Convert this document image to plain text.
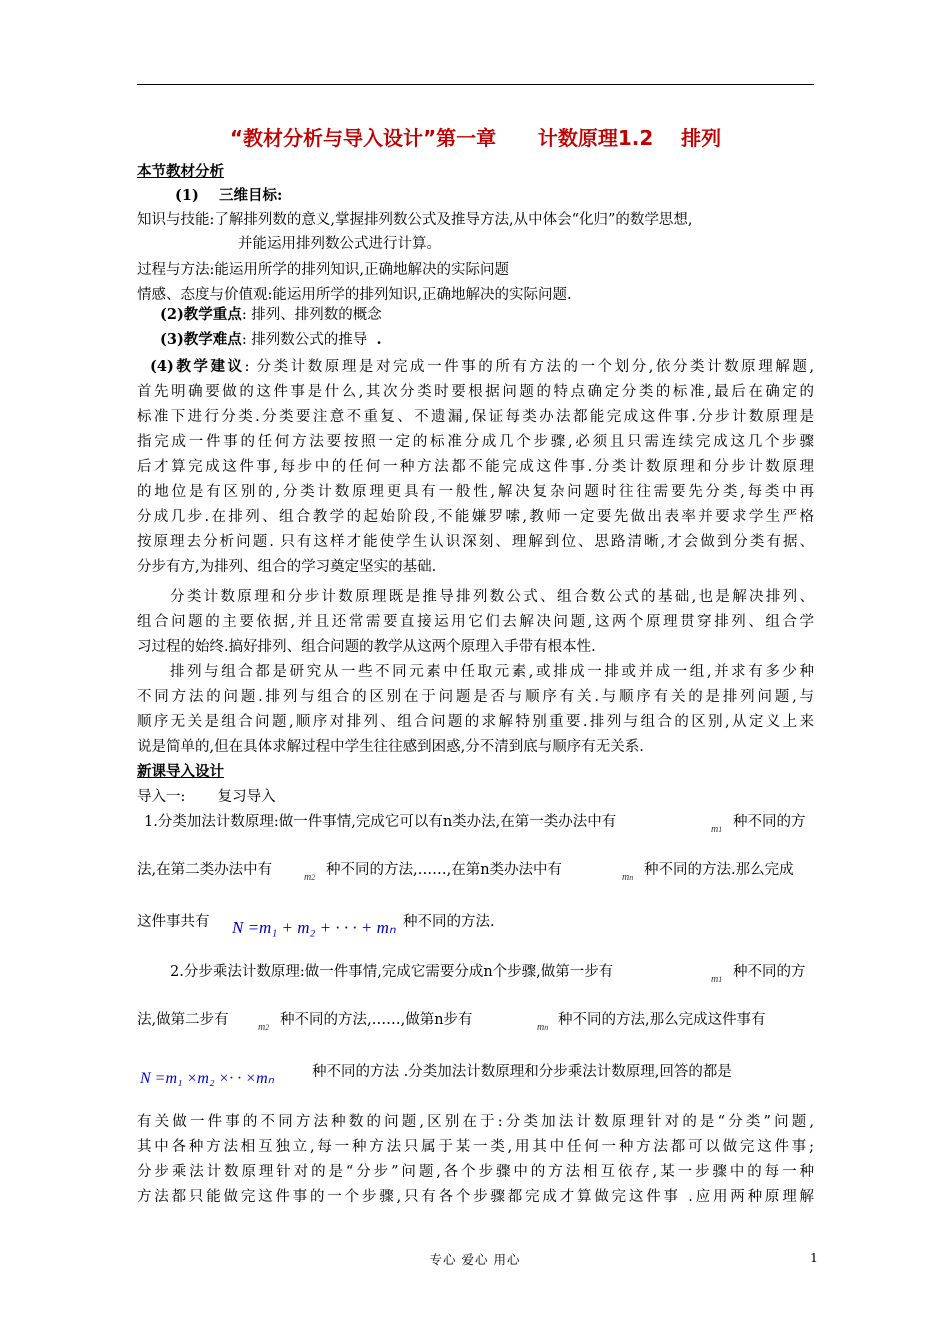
“教材分析与导入设计”第一章      计数原理1.2    排列
本节教材分析
(1) 三维目标:
知识与技能:了解排列数的意义,掌握排列数公式及推导方法,从中体会“化归”的数学思想,
并能运用排列数公式进行计算。
过程与方法:能运用所学的排列知识,正确地解决的实际问题
情感、态度与价值观:能运用所学的排列知识,正确地解决的实际问题.
(2)教学重点: 排列、排列数的概念
(3)教学难点: 排列数公式的推导 .
(4)教学建议: 分类计数原理是对完成一件事的所有方法的一个划分,依分类计数原理解题,
首先明确要做的这件事是什么,其次分类时要根据问题的特点确定分类的标准,最后在确定的
标准下进行分类.分类要注意不重复、不遗漏,保证每类办法都能完成这件事.分步计数原理是
指完成一件事的任何方法要按照一定的标准分成几个步骤,必须且只需连续完成这几个步骤
后才算完成这件事,每步中的任何一种方法都不能完成这件事.分类计数原理和分步计数原理
的地位是有区别的,分类计数原理更具有一般性,解决复杂问题时往往需要先分类,每类中再
分成几步.在排列、组合教学的起始阶段,不能嫌罗嗦,教师一定要先做出表率并要求学生严格
按原理去分析问题. 只有这样才能使学生认识深刻、理解到位、思路清晰,才会做到分类有据、
分步有方,为排列、组合的学习奠定坚实的基础.
分类计数原理和分步计数原理既是推导排列数公式、组合数公式的基础,也是解决排列、
组合问题的主要依据,并且还常需要直接运用它们去解决问题,这两个原理贯穿排列、组合学
习过程的始终.搞好排列、组合问题的教学从这两个原理入手带有根本性.
排列与组合都是研究从一些不同元素中任取元素,或排成一排或并成一组,并求有多少种
不同方法的问题.排列与组合的区别在于问题是否与顺序有关.与顺序有关的是排列问题,与
顺序无关是组合问题,顺序对排列、组合问题的求解特别重要.排列与组合的区别,从定义上来
说是简单的,但在具体求解过程中学生往往感到困惑,分不清到底与顺序有无关系.
新课导入设计
导入一: 复习导入
1.分类加法计数原理:做一件事情,完成它可以有n类办法,在第一类办法中有	m1 种不同的方
法,在第二类办法中有	m2 种不同的方法,……,在第n类办法中有	mn 种不同的方法.那么完成
这件事共有	N =m₁ + m₂ + · · · + mₙ 种不同的方法.
2.分步乘法计数原理:做一件事情,完成它需要分成n个步骤,做第一步有	m1 种不同的方
法,做第二步有	m2 种不同的方法,……,做第n步有	mn 种不同的方法,那么完成这件事有
N =m₁ ×m₂ ×· · ×mₙ	种不同的方法 .分类加法计数原理和分步乘法计数原理,回答的都是
有关做一件事的不同方法种数的问题,区别在于:分类加法计数原理针对的是“分类”问题,
其中各种方法相互独立,每一种方法只属于某一类,用其中任何一种方法都可以做完这件事;
分步乘法计数原理针对的是“分步”问题,各个步骤中的方法相互依存,某一步骤中的每一种
方法都只能做完这件事的一个步骤,只有各个步骤都完成才算做完这件事 .应用两种原理解
专心 爱心 用心	1
